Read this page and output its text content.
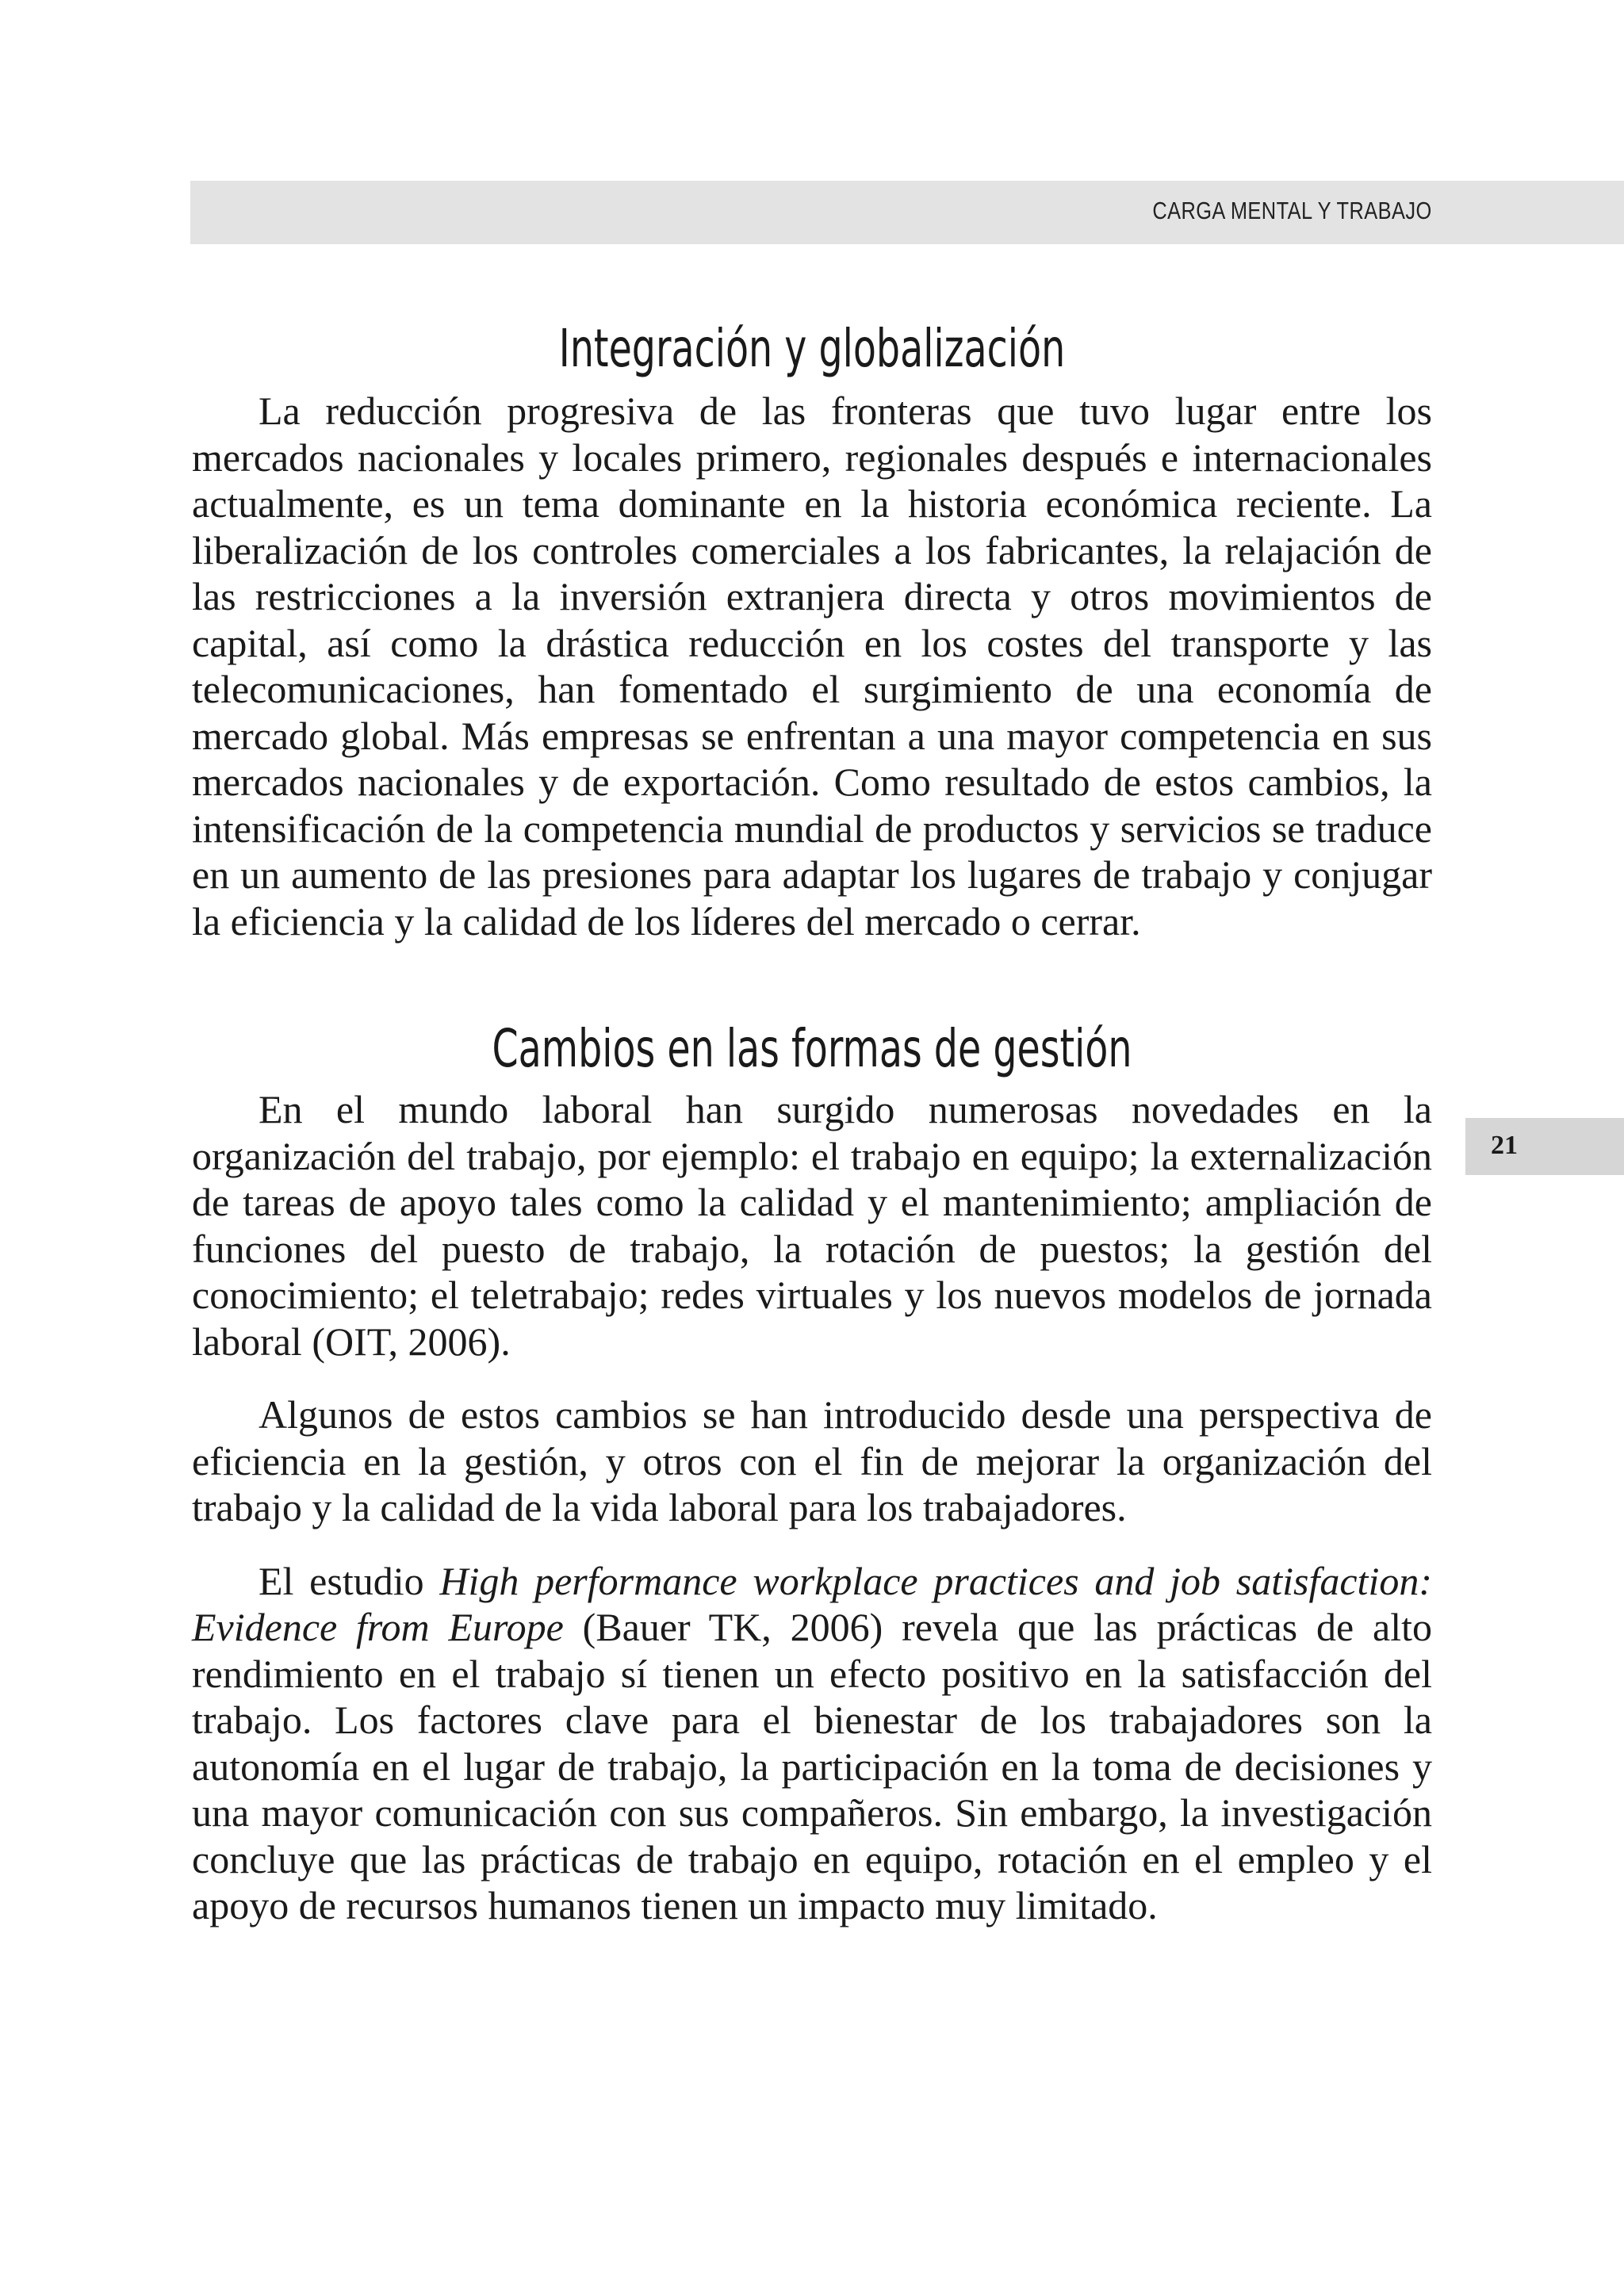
CARGA MENTAL Y TRABAJO
21
Integración y globalización

La reducción progresiva de las fronteras que tuvo lugar entre los mercados nacionales y locales primero, regionales después e internacionales actualmente, es un tema dominante en la historia económica reciente. La liberalización de los controles comerciales a los fabricantes, la relajación de las restricciones a la inversión extranjera directa y otros movimientos de capital, así como la drástica reducción en los costes del transporte y las telecomunicaciones, han fomentado el surgimiento de una economía de mercado global. Más empresas se enfrentan a una mayor competencia en sus mercados nacionales y de exportación. Como resultado de estos cambios, la intensificación de la competencia mundial de productos y servicios se traduce en un aumento de las presiones para adaptar los lugares de trabajo y conjugar la eficiencia y la calidad de los líderes del mercado o cerrar.

Cambios en las formas de gestión

En el mundo laboral han surgido numerosas novedades en la organización del trabajo, por ejemplo: el trabajo en equipo; la externalización de tareas de apoyo tales como la calidad y el mantenimiento; ampliación de funciones del puesto de trabajo, la rotación de puestos; la gestión del conocimiento; el teletrabajo; redes virtuales y los nuevos modelos de jornada laboral (OIT, 2006).

Algunos de estos cambios se han introducido desde una perspectiva de eficiencia en la gestión, y otros con el fin de mejorar la organización del trabajo y la calidad de la vida laboral para los trabajadores.

El estudio High performance workplace practices and job satisfaction: Evidence from Europe (Bauer TK, 2006) revela que las prácticas de alto rendimiento en el trabajo sí tienen un efecto positivo en la satisfacción del trabajo. Los factores clave para el bienestar de los trabajadores son la autonomía en el lugar de trabajo, la participación en la toma de decisiones y una mayor comunicación con sus compañeros. Sin embargo, la investigación concluye que las prácticas de trabajo en equipo, rotación en el empleo y el apoyo de recursos humanos tienen un impacto muy limitado.
